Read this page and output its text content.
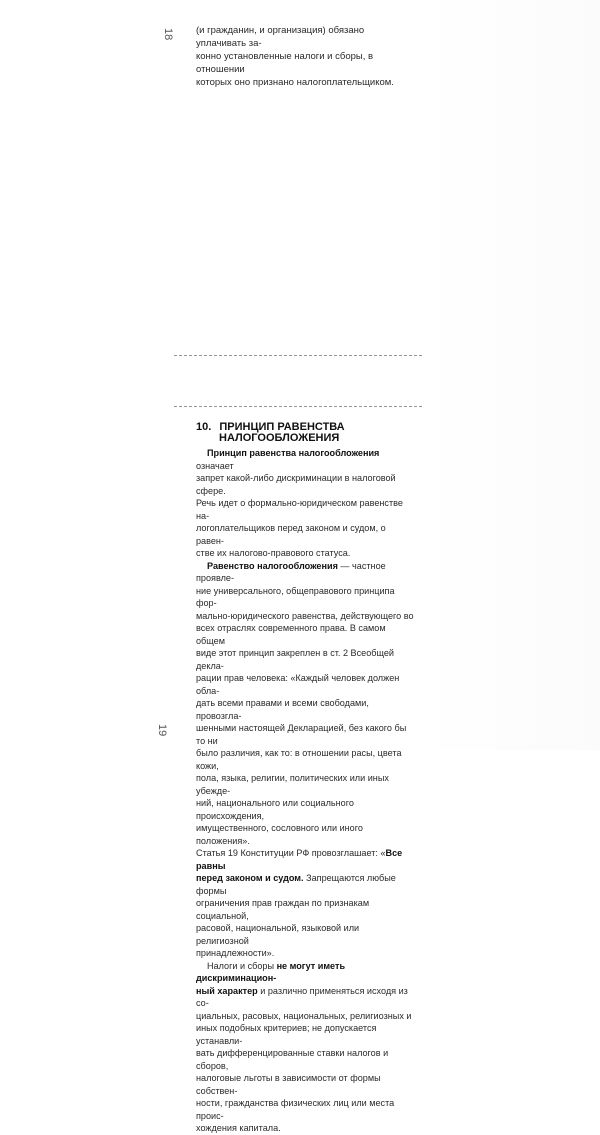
18 (и гражданин, и организация) обязано уплачивать за-
конно установленные налоги и сборы, в отношении
которых оно признано налогоплательщиком.
10. ПРИНЦИП РАВЕНСТВА
НАЛОГООБЛОЖЕНИЯ

Принцип равенства налогообложения означает
запрет какой-либо дискриминации в налоговой сфере.
Речь идет о формально-юридическом равенстве на-
логоплательщиков перед законом и судом, о равен-
стве их налогово-правового статуса.

Равенство налогообложения — частное проявле-
ние универсального, общеправового принципа фор-
мально-юридического равенства, действующего во
всех отраслях современного права. В самом общем
виде этот принцип закреплен в ст. 2 Всеобщей декла-
рации прав человека: «Каждый человек должен обла-
дать всеми правами и всеми свободами, провозгла-
шенными настоящей Декларацией, без какого бы то ни
было различия, как то: в отношении расы, цвета кожи,
пола, языка, религии, политических или иных убежде-
ний, национального или социального происхождения,
имущественного, сословного или иного положения».
Статья 19 Конституции РФ провозглашает: «Все равны
перед законом и судом. Запрещаются любые формы
ограничения прав граждан по признакам социальной,
расовой, национальной, языковой или религиозной
принадлежности».

Налоги и сборы не могут иметь дискриминацион-
ный характер и различно применяться исходя из со-
циальных, расовых, национальных, религиозных и
иных подобных критериев; не допускается устанавли-
вать дифференцированные ставки налогов и сборов,
налоговые льготы в зависимости от формы собствен-
ности, гражданства физических лиц или места проис-
хождения капитала.

19
